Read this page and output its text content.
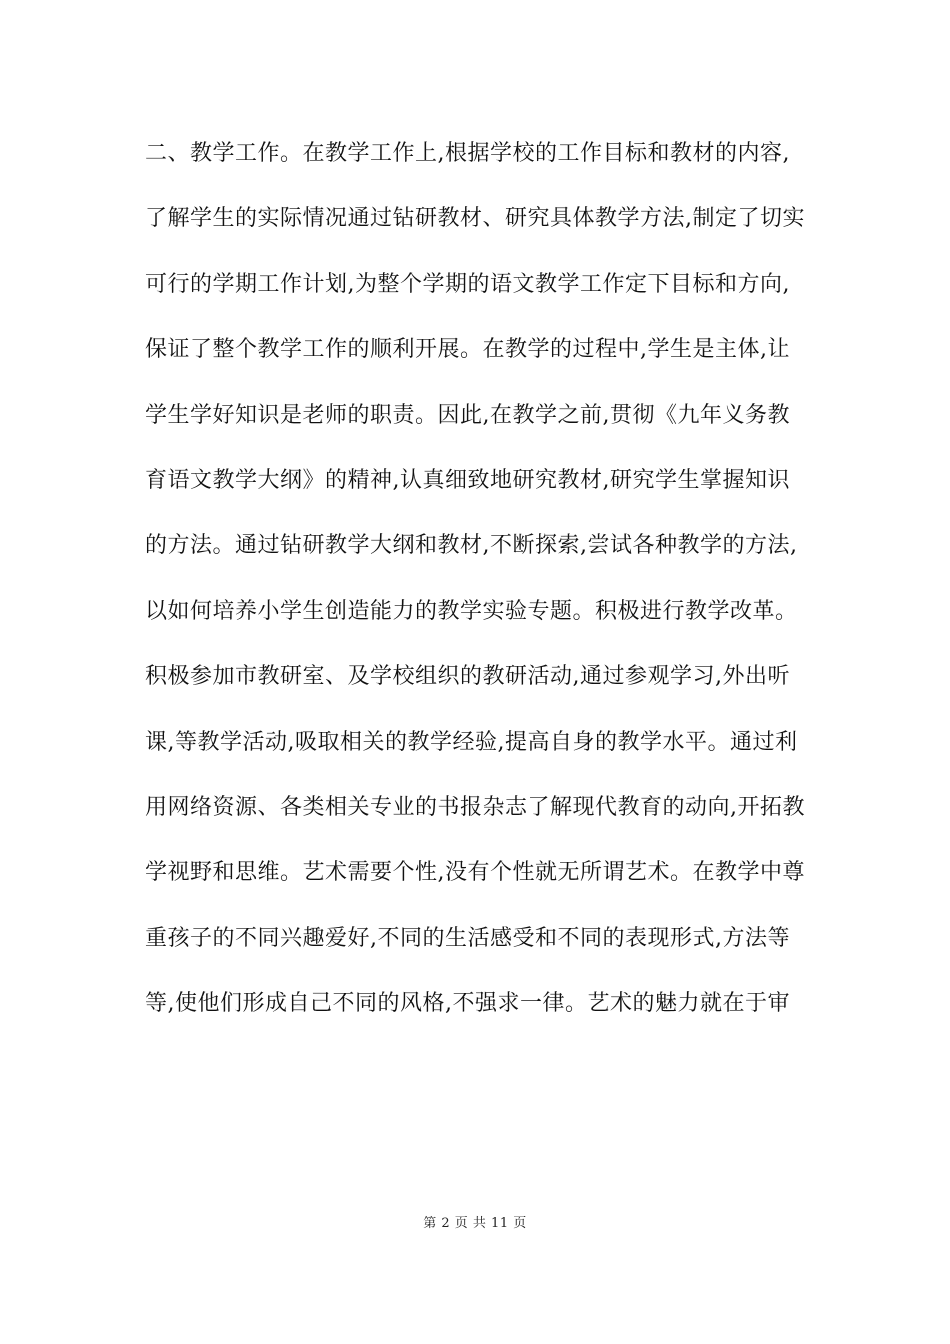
二、教学工作。在教学工作上,根据学校的工作目标和教材的内容,
了解学生的实际情况通过钻研教材、研究具体教学方法,制定了切实
可行的学期工作计划,为整个学期的语文教学工作定下目标和方向,
保证了整个教学工作的顺利开展。在教学的过程中,学生是主体,让
学生学好知识是老师的职责。因此,在教学之前,贯彻《九年义务教
育语文教学大纲》的精神,认真细致地研究教材,研究学生掌握知识
的方法。通过钻研教学大纲和教材,不断探索,尝试各种教学的方法,
以如何培养小学生创造能力的教学实验专题。积极进行教学改革。
积极参加市教研室、及学校组织的教研活动,通过参观学习,外出听
课,等教学活动,吸取相关的教学经验,提高自身的教学水平。通过利
用网络资源、各类相关专业的书报杂志了解现代教育的动向,开拓教
学视野和思维。艺术需要个性,没有个性就无所谓艺术。在教学中尊
重孩子的不同兴趣爱好,不同的生活感受和不同的表现形式,方法等
等,使他们形成自己不同的风格,不强求一律。艺术的魅力就在于审
第 2 页 共 11 页
